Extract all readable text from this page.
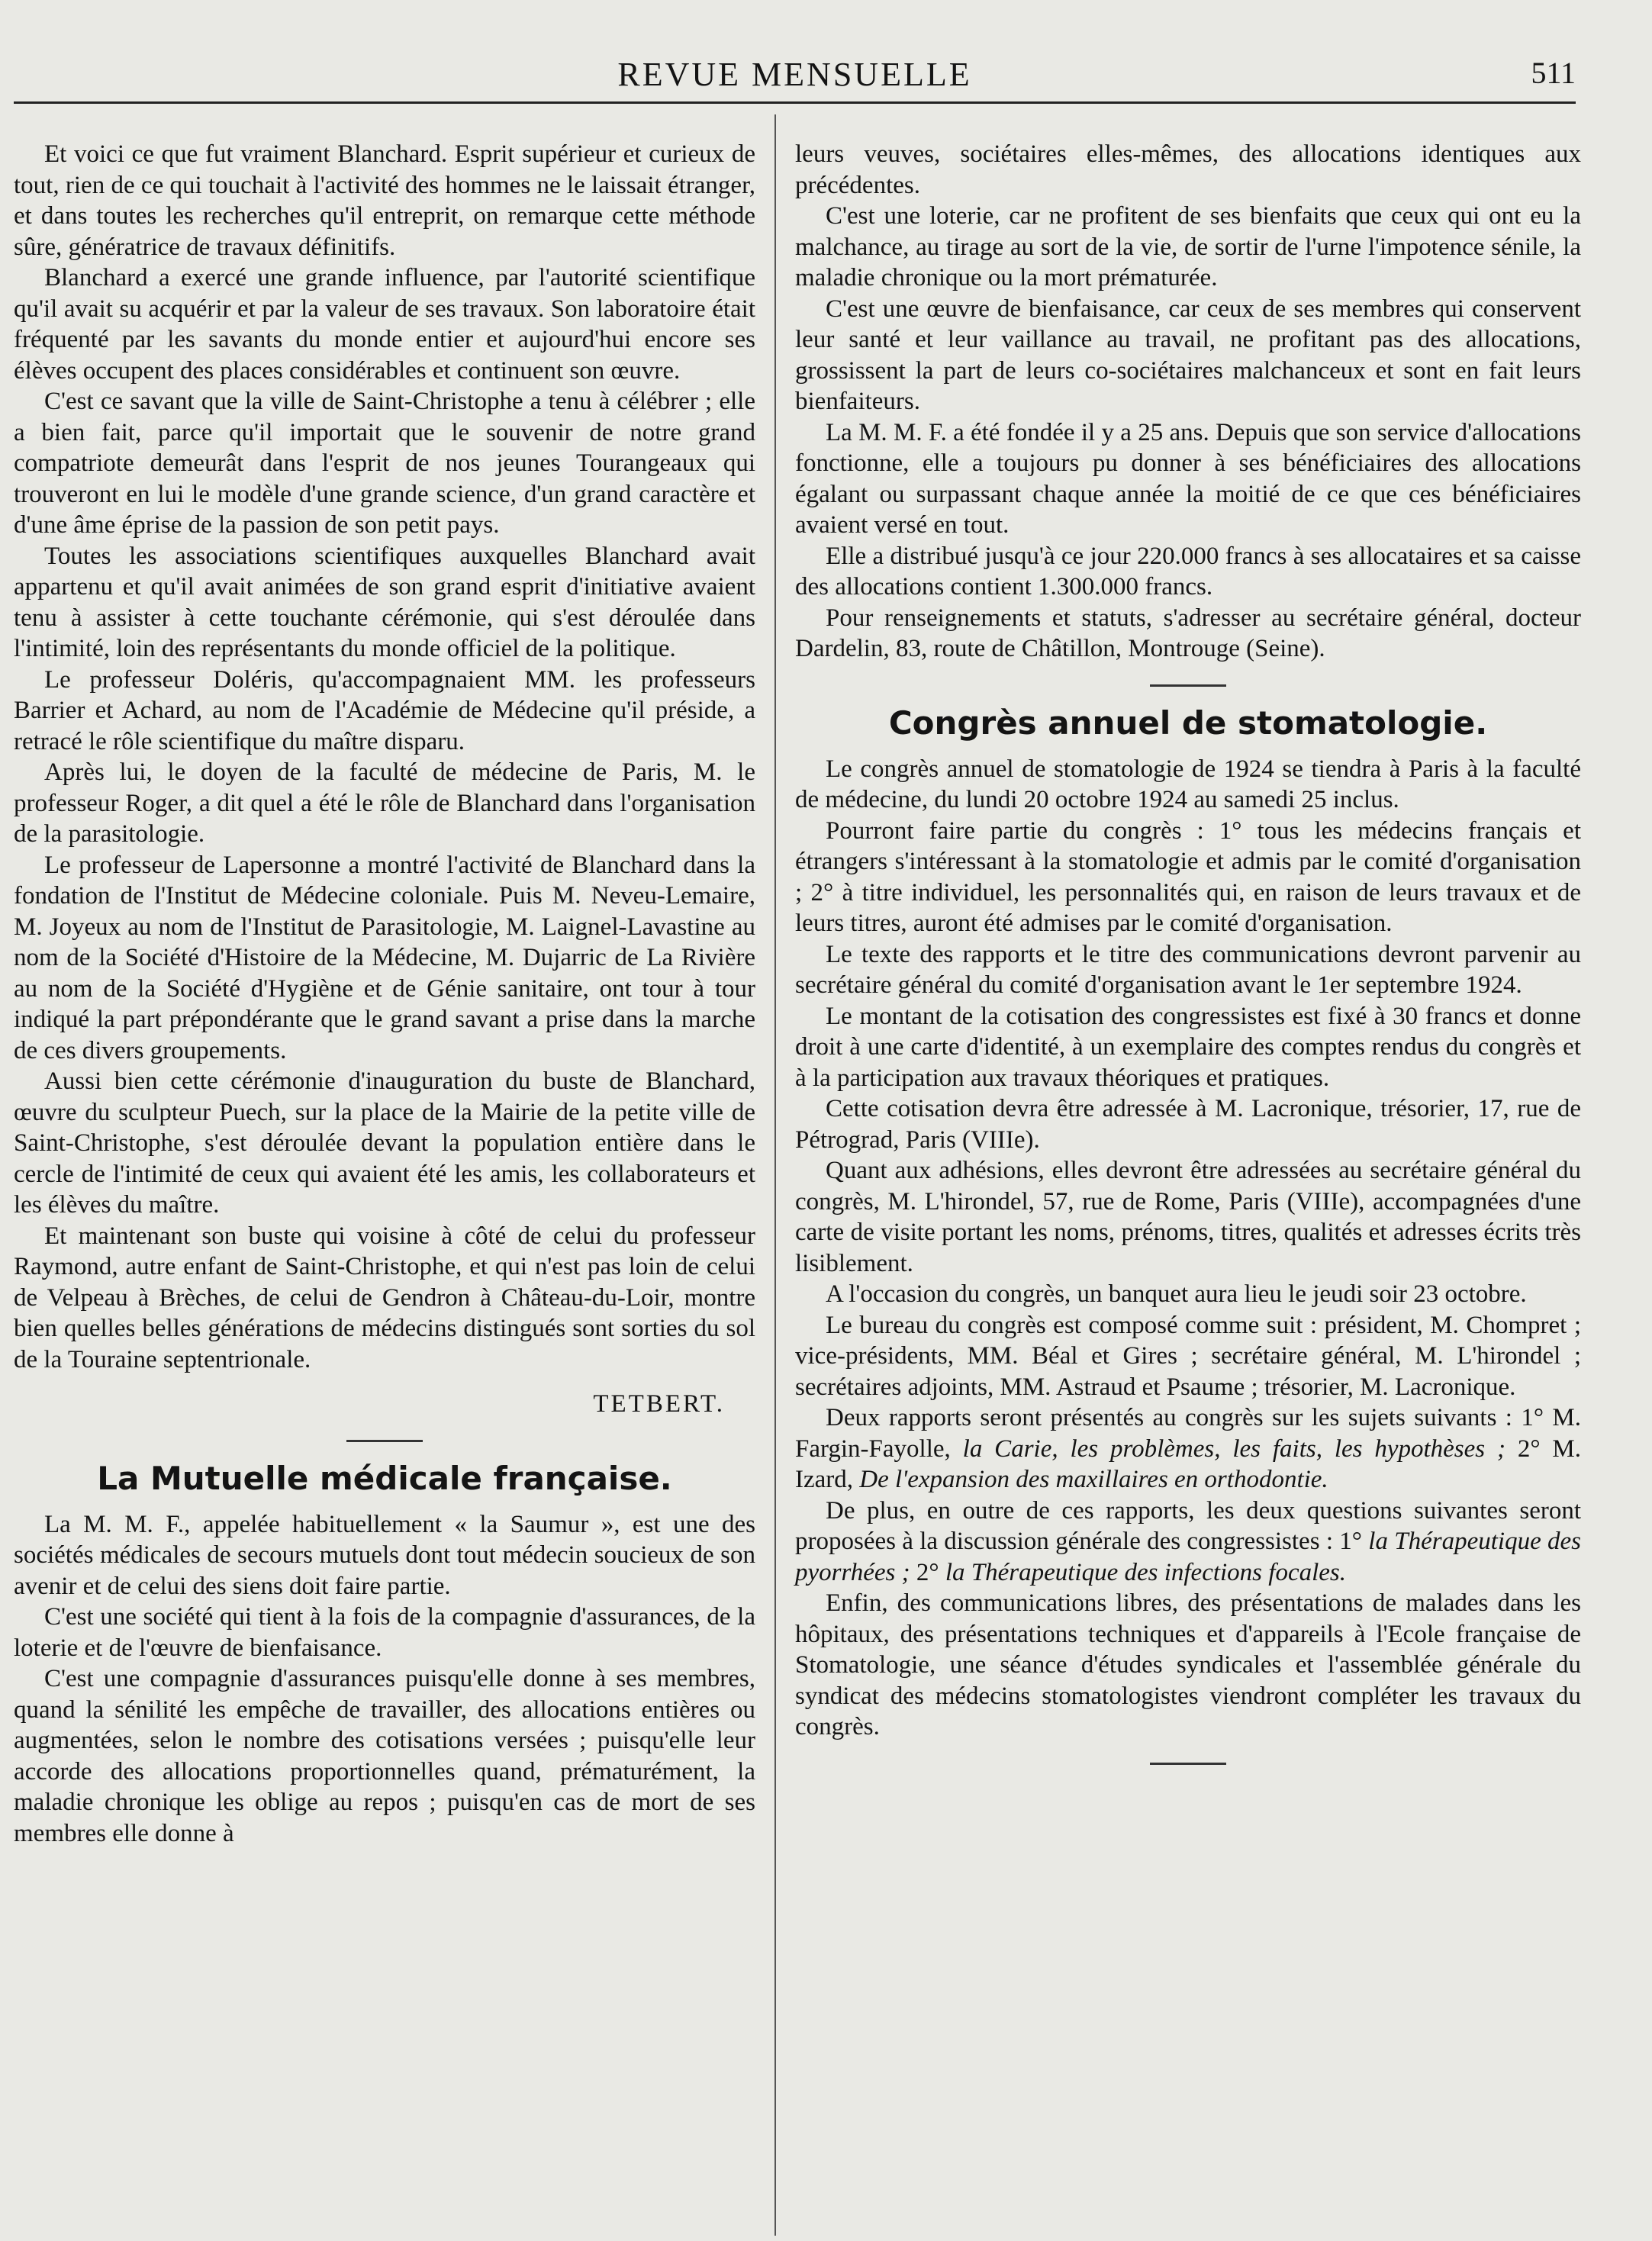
REVUE MENSUELLE	511

Et voici ce que fut vraiment Blanchard. Esprit supérieur et curieux de tout, rien de ce qui touchait à l'activité des hommes ne le laissait étranger, et dans toutes les recherches qu'il entreprit, on remarque cette méthode sûre, génératrice de travaux définitifs.

Blanchard a exercé une grande influence, par l'autorité scientifique qu'il avait su acquérir et par la valeur de ses travaux. Son laboratoire était fréquenté par les savants du monde entier et aujourd'hui encore ses élèves occupent des places considérables et continuent son œuvre.

C'est ce savant que la ville de Saint-Christophe a tenu à célébrer ; elle a bien fait, parce qu'il importait que le souvenir de notre grand compatriote demeurât dans l'esprit de nos jeunes Tourangeaux qui trouveront en lui le modèle d'une grande science, d'un grand caractère et d'une âme éprise de la passion de son petit pays.

Toutes les associations scientifiques auxquelles Blanchard avait appartenu et qu'il avait animées de son grand esprit d'initiative avaient tenu à assister à cette touchante cérémonie, qui s'est déroulée dans l'intimité, loin des représentants du monde officiel de la politique.

Le professeur Doléris, qu'accompagnaient MM. les professeurs Barrier et Achard, au nom de l'Académie de Médecine qu'il préside, a retracé le rôle scientifique du maître disparu.

Après lui, le doyen de la faculté de médecine de Paris, M. le professeur Roger, a dit quel a été le rôle de Blanchard dans l'organisation de la parasitologie.

Le professeur de Lapersonne a montré l'activité de Blanchard dans la fondation de l'Institut de Médecine coloniale. Puis M. Neveu-Lemaire, M. Joyeux au nom de l'Institut de Parasitologie, M. Laignel-Lavastine au nom de la Société d'Histoire de la Médecine, M. Dujarric de La Rivière au nom de la Société d'Hygiène et de Génie sanitaire, ont tour à tour indiqué la part prépondérante que le grand savant a prise dans la marche de ces divers groupements.

Aussi bien cette cérémonie d'inauguration du buste de Blanchard, œuvre du sculpteur Puech, sur la place de la Mairie de la petite ville de Saint-Christophe, s'est déroulée devant la population entière dans le cercle de l'intimité de ceux qui avaient été les amis, les collaborateurs et les élèves du maître.

Et maintenant son buste qui voisine à côté de celui du professeur Raymond, autre enfant de Saint-Christophe, et qui n'est pas loin de celui de Velpeau à Brèches, de celui de Gendron à Château-du-Loir, montre bien quelles belles générations de médecins distingués sont sorties du sol de la Touraine septentrionale.

TETBERT.
La Mutuelle médicale française.

La M. M. F., appelée habituellement « la Saumur », est une des sociétés médicales de secours mutuels dont tout médecin soucieux de son avenir et de celui des siens doit faire partie.

C'est une société qui tient à la fois de la compagnie d'assurances, de la loterie et de l'œuvre de bienfaisance.

C'est une compagnie d'assurances puisqu'elle donne à ses membres, quand la sénilité les empêche de travailler, des allocations entières ou augmentées, selon le nombre des cotisations versées ; puisqu'elle leur accorde des allocations proportionnelles quand, prématurément, la maladie chronique les oblige au repos ; puisqu'en cas de mort de ses membres elle donne à

leurs veuves, sociétaires elles-mêmes, des allocations identiques aux précédentes.

C'est une loterie, car ne profitent de ses bienfaits que ceux qui ont eu la malchance, au tirage au sort de la vie, de sortir de l'urne l'impotence sénile, la maladie chronique ou la mort prématurée.

C'est une œuvre de bienfaisance, car ceux de ses membres qui conservent leur santé et leur vaillance au travail, ne profitant pas des allocations, grossissent la part de leurs co-sociétaires malchanceux et sont en fait leurs bienfaiteurs.

La M. M. F. a été fondée il y a 25 ans. Depuis que son service d'allocations fonctionne, elle a toujours pu donner à ses bénéficiaires des allocations égalant ou surpassant chaque année la moitié de ce que ces bénéficiaires avaient versé en tout.

Elle a distribué jusqu'à ce jour 220.000 francs à ses allocataires et sa caisse des allocations contient 1.300.000 francs.

Pour renseignements et statuts, s'adresser au secrétaire général, docteur Dardelin, 83, route de Châtillon, Montrouge (Seine).

Congrès annuel de stomatologie.

Le congrès annuel de stomatologie de 1924 se tiendra à Paris à la faculté de médecine, du lundi 20 octobre 1924 au samedi 25 inclus.

Pourront faire partie du congrès : 1° tous les médecins français et étrangers s'intéressant à la stomatologie et admis par le comité d'organisation ; 2° à titre individuel, les personnalités qui, en raison de leurs travaux et de leurs titres, auront été admises par le comité d'organisation.

Le texte des rapports et le titre des communications devront parvenir au secrétaire général du comité d'organisation avant le 1er septembre 1924.

Le montant de la cotisation des congressistes est fixé à 30 francs et donne droit à une carte d'identité, à un exemplaire des comptes rendus du congrès et à la participation aux travaux théoriques et pratiques.

Cette cotisation devra être adressée à M. Lacronique, trésorier, 17, rue de Pétrograd, Paris (VIIIe).

Quant aux adhésions, elles devront être adressées au secrétaire général du congrès, M. L'hirondel, 57, rue de Rome, Paris (VIIIe), accompagnées d'une carte de visite portant les noms, prénoms, titres, qualités et adresses écrits très lisiblement.

A l'occasion du congrès, un banquet aura lieu le jeudi soir 23 octobre.

Le bureau du congrès est composé comme suit : président, M. Chompret ; vice-présidents, MM. Béal et Gires ; secrétaire général, M. L'hirondel ; secrétaires adjoints, MM. Astraud et Psaume ; trésorier, M. Lacronique.

Deux rapports seront présentés au congrès sur les sujets suivants : 1° M. Fargin-Fayolle, la Carie, les problèmes, les faits, les hypothèses ; 2° M. Izard, De l'expansion des maxillaires en orthodontie.

De plus, en outre de ces rapports, les deux questions suivantes seront proposées à la discussion générale des congressistes : 1° la Thérapeutique des pyorrhées ; 2° la Thérapeutique des infections focales.

Enfin, des communications libres, des présentations de malades dans les hôpitaux, des présentations techniques et d'appareils à l'Ecole française de Stomatologie, une séance d'études syndicales et l'assemblée générale du syndicat des médecins stomatologistes viendront compléter les travaux du congrès.
